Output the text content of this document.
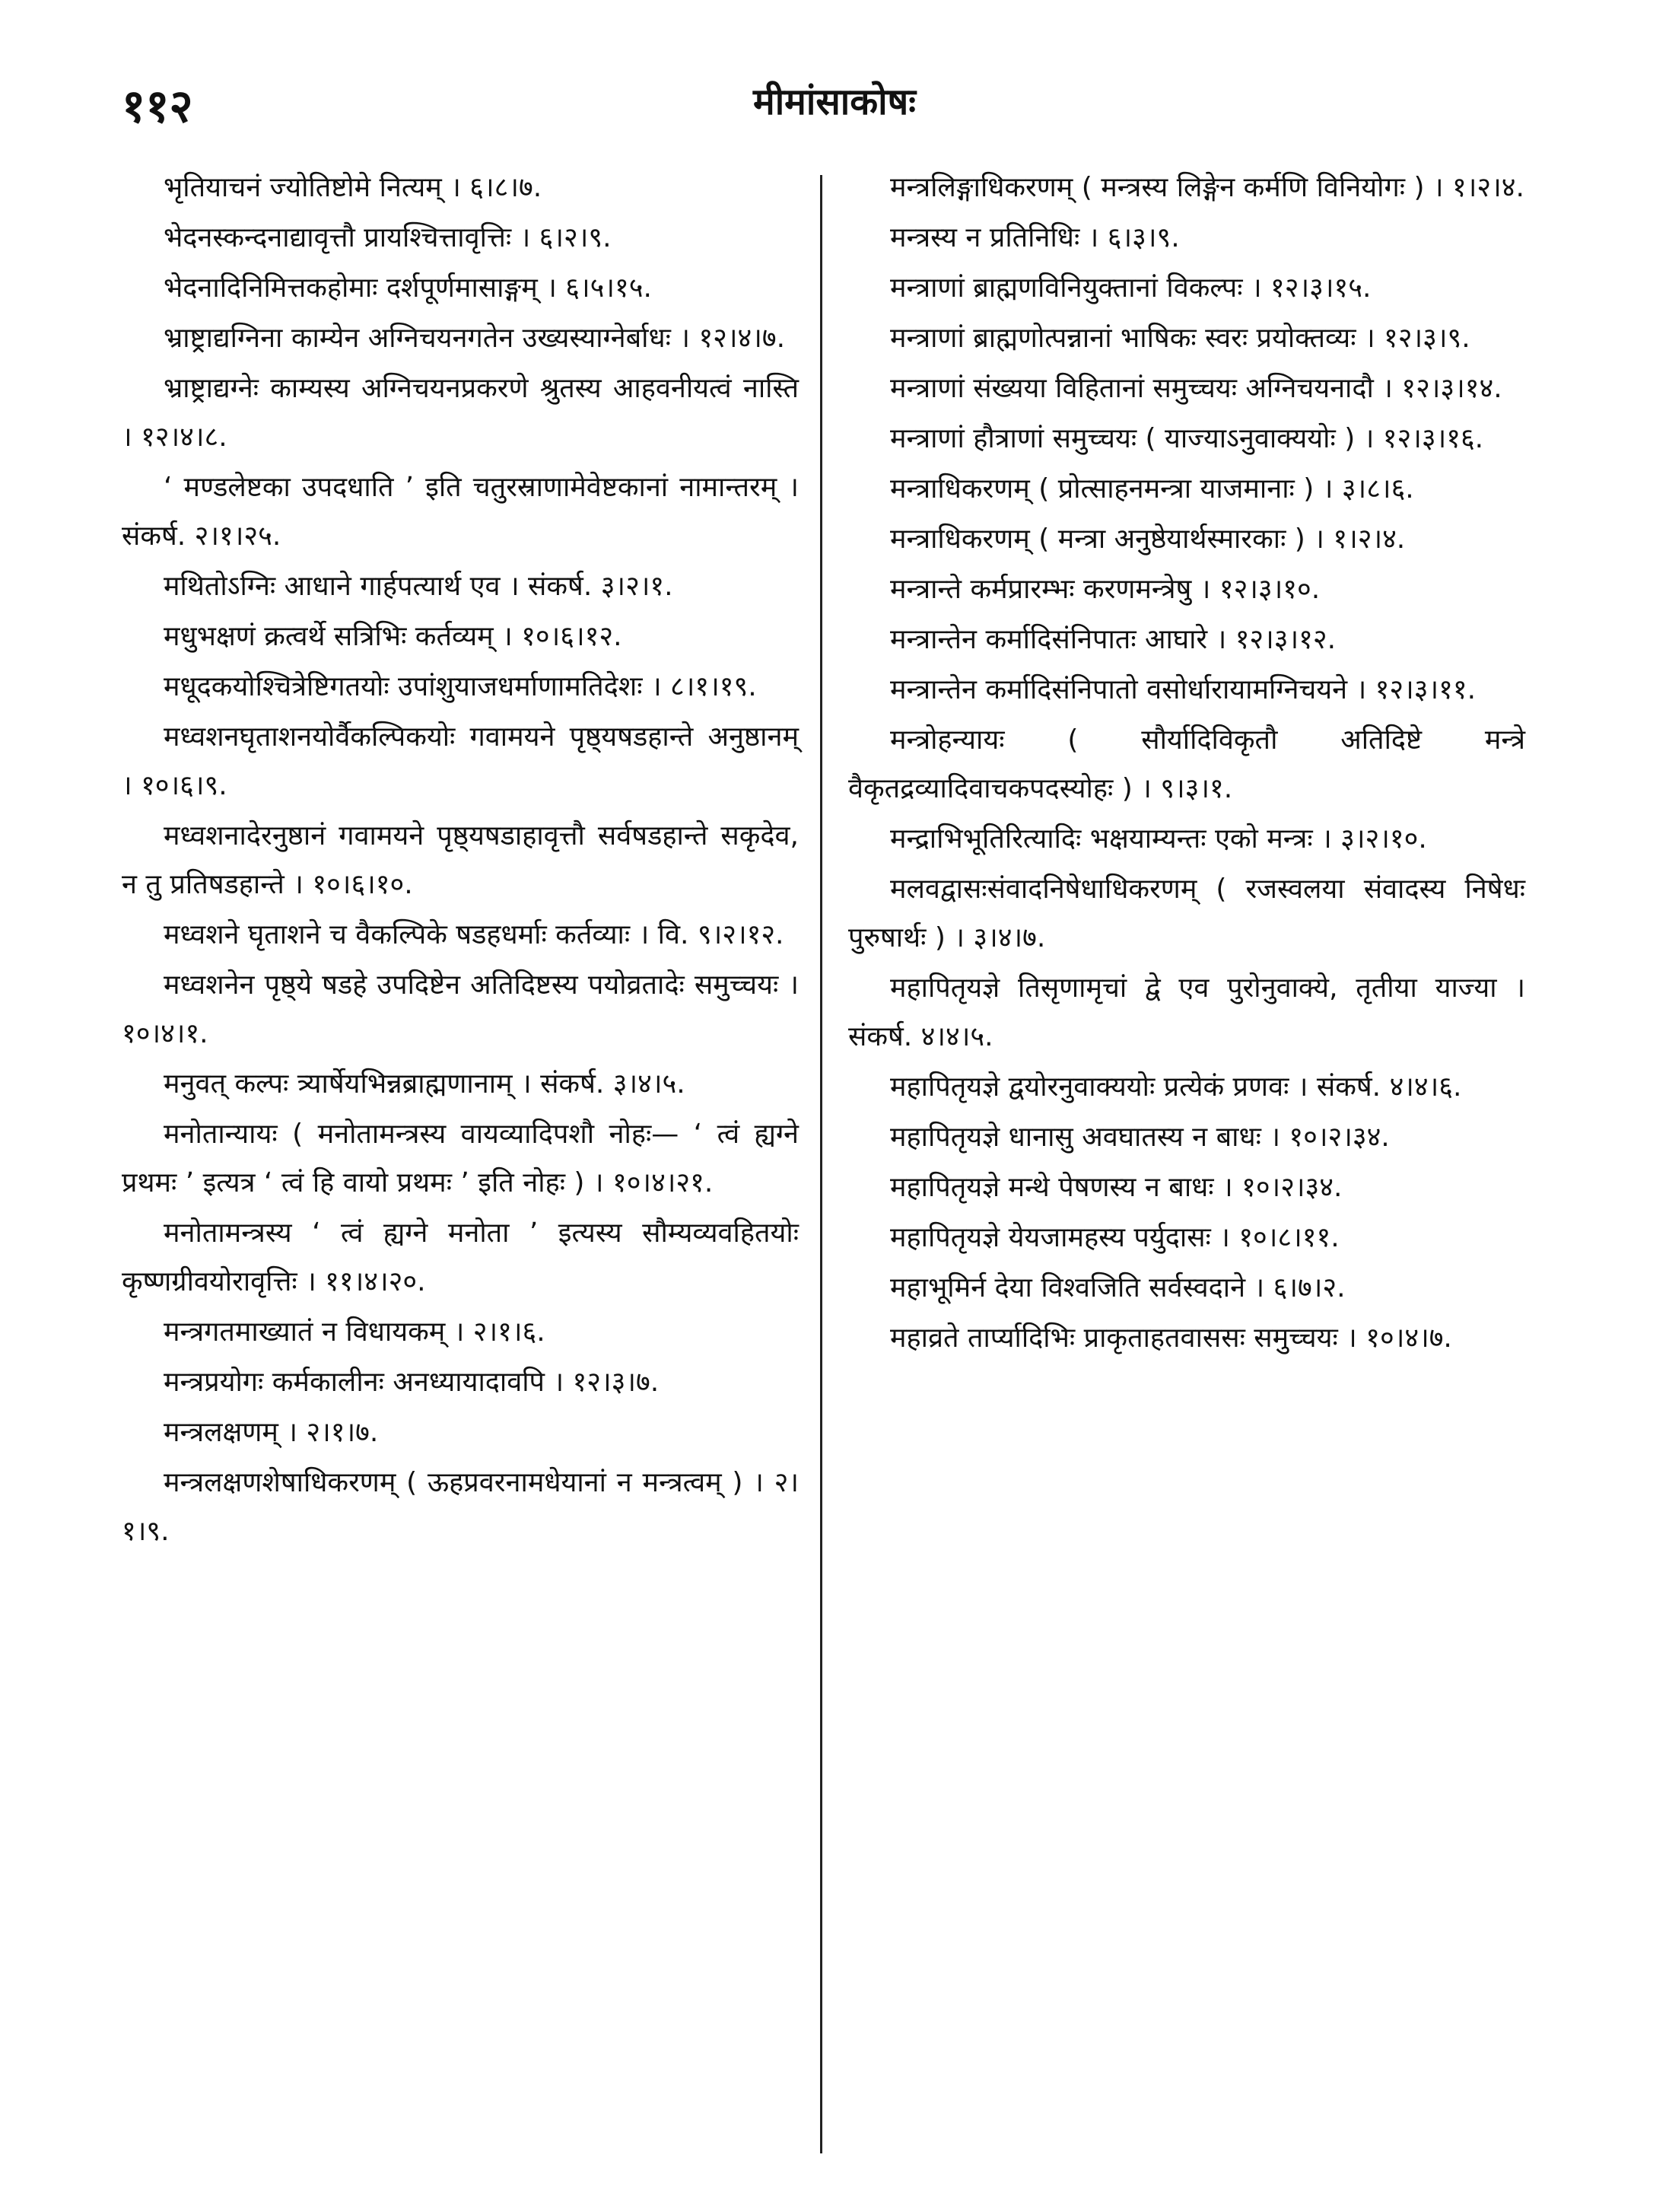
११२	मीमांसाकोषः

भृतियाचनं ज्योतिष्टोमे नित्यम् । ६।८।७.

भेदनस्कन्दनाद्यावृत्तौ प्रायश्चित्तावृत्तिः । ६।२।९.

भेदनादिनिमित्तकहोमाः दर्शपूर्णमासाङ्गम् । ६।५।१५.

भ्राष्ट्राद्यग्निना काम्येन अग्निचयनगतेन उख्यस्याग्नेर्बाधः । १२।४।७.

भ्राष्ट्राद्यग्नेः काम्यस्य अग्निचयनप्रकरणे श्रुतस्य आहवनीयत्वं नास्ति । १२।४।८.

‘ मण्डलेष्टका उपदधाति ’ इति चतुरस्राणामेवेष्टकानां नामान्तरम् । संकर्ष. २।१।२५.

मथितोऽग्निः आधाने गार्हपत्यार्थ एव । संकर्ष. ३।२।१.

मधुभक्षणं क्रत्वर्थे सत्रिभिः कर्तव्यम् । १०।६।१२.

मधूदकयोश्चित्रेष्टिगतयोः उपांशुयाजधर्माणामतिदेशः । ८।१।१९.

मध्वशनघृताशनयोर्वैकल्पिकयोः गवामयने पृष्ठ्यषडहान्ते अनुष्ठानम् । १०।६।९.

मध्वशनादेरनुष्ठानं गवामयने पृष्ठ्यषडाहावृत्तौ सर्वषडहान्ते सकृदेव, न तु प्रतिषडहान्ते । १०।६।१०.

मध्वशने घृताशने च वैकल्पिके षडहधर्माः कर्तव्याः । वि. ९।२।१२.

मध्वशनेन पृष्ठ्ये षडहे उपदिष्टेन अतिदिष्टस्य पयोव्रतादेः समुच्चयः । १०।४।१.

मनुवत् कल्पः त्र्यार्षेयभिन्नब्राह्मणानाम् । संकर्ष. ३।४।५.

मनोतान्यायः ( मनोतामन्त्रस्य वायव्यादिपशौ नोहः— ‘ त्वं ह्यग्ने प्रथमः ’ इत्यत्र ‘ त्वं हि वायो प्रथमः ’ इति नोहः ) । १०।४।२१.

मनोतामन्त्रस्य ‘ त्वं ह्यग्ने मनोता ’ इत्यस्य सौम्यव्यवहितयोः कृष्णग्रीवयोरावृत्तिः । ११।४।२०.

मन्त्रगतमाख्यातं न विधायकम् । २।१।६.

मन्त्रप्रयोगः कर्मकालीनः अनध्यायादावपि । १२।३।७.

मन्त्रलक्षणम् । २।१।७.

मन्त्रलक्षणशेषाधिकरणम् ( ऊहप्रवरनामधेयानां न मन्त्रत्वम् ) । २।१।९.

मन्त्रलिङ्गाधिकरणम् ( मन्त्रस्य लिङ्गेन कर्मणि विनियोगः ) । १।२।४.

मन्त्रस्य न प्रतिनिधिः । ६।३।९.

मन्त्राणां ब्राह्मणविनियुक्तानां विकल्पः । १२।३।१५.

मन्त्राणां ब्राह्मणोत्पन्नानां भाषिकः स्वरः प्रयोक्तव्यः । १२।३।९.

मन्त्राणां संख्यया विहितानां समुच्चयः अग्निचयनादौ । १२।३।१४.

मन्त्राणां हौत्राणां समुच्चयः ( याज्याऽनुवाक्ययोः ) । १२।३।१६.

मन्त्राधिकरणम् ( प्रोत्साहनमन्त्रा याजमानाः ) । ३।८।६.

मन्त्राधिकरणम् ( मन्त्रा अनुष्ठेयार्थस्मारकाः ) । १।२।४.

मन्त्रान्ते कर्मप्रारम्भः करणमन्त्रेषु । १२।३।१०.

मन्त्रान्तेन कर्मादिसंनिपातः आघारे । १२।३।१२.

मन्त्रान्तेन कर्मादिसंनिपातो वसोर्धारायामग्निचयने । १२।३।११.

मन्त्रोहन्यायः ( सौर्यादिविकृतौ अतिदिष्टे मन्त्रे वैकृतद्रव्यादिवाचकपदस्योहः ) । ९।३।१.

मन्द्राभिभूतिरित्यादिः भक्षयाम्यन्तः एको मन्त्रः । ३।२।१०.

मलवद्वासःसंवादनिषेधाधिकरणम् ( रजस्वलया संवादस्य निषेधः पुरुषार्थः ) । ३।४।७.

महापितृयज्ञे तिसृणामृचां द्वे एव पुरोनुवाक्ये, तृतीया याज्या । संकर्ष. ४।४।५.

महापितृयज्ञे द्वयोरनुवाक्ययोः प्रत्येकं प्रणवः । संकर्ष. ४।४।६.

महापितृयज्ञे धानासु अवघातस्य न बाधः । १०।२।३४.

महापितृयज्ञे मन्थे पेषणस्य न बाधः । १०।२।३४.

महापितृयज्ञे येयजामहस्य पर्युदासः । १०।८।११.

महाभूमिर्न देया विश्वजिति सर्वस्वदाने । ६।७।२.

महाव्रते तार्प्यादिभिः प्राकृताहतवाससः समुच्चयः । १०।४।७.
